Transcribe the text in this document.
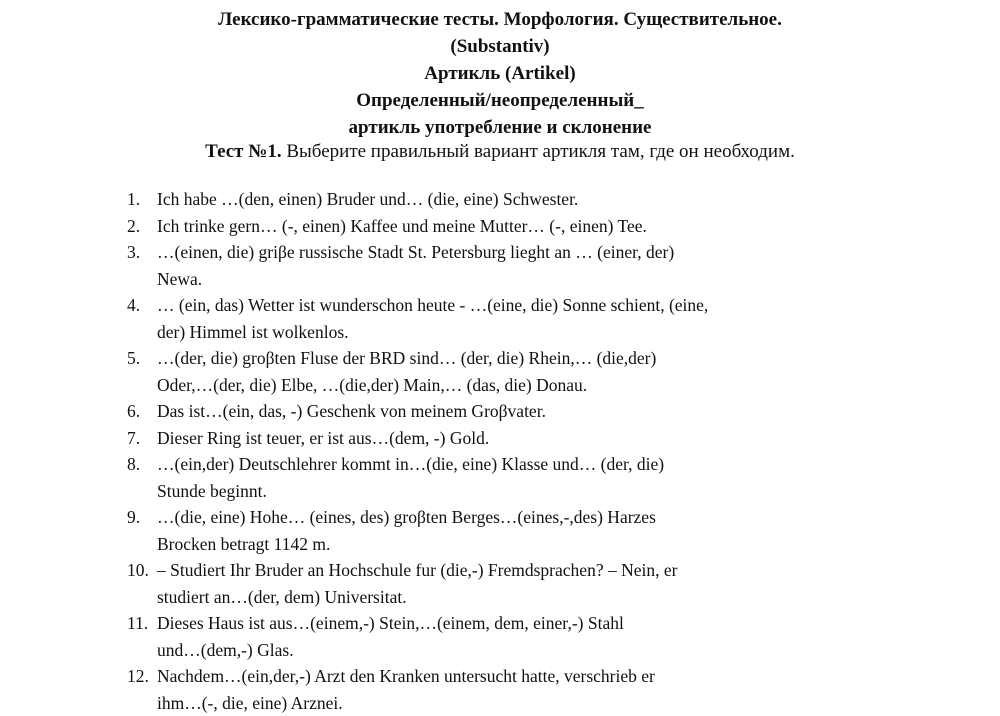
Лексико-грамматические тесты. Морфология. Существительное.
(Substantiv)
Артикль (Artikel)
Определенный/неопределенный_
артикль употребление и склонение
Тест №1. Выберите правильный вариант артикля там, где он необходим.
1. Ich habe …(den, einen) Bruder und… (die, eine) Schwester.
2. Ich trinke gern… (-, einen) Kaffee und meine Mutter… (-, einen) Tee.
3. …(einen, die) griβe russische Stadt St. Petersburg lieght an … (einer, der)
Newa.
4. … (ein, das) Wetter ist wunderschon heute - …(eine, die) Sonne schient, (eine,
der) Himmel ist wolkenlos.
5. …(der, die) groβten Fluse der BRD sind… (der, die) Rhein,… (die,der)
Oder,…(der, die) Elbe, …(die,der) Main,… (das, die) Donau.
6. Das ist…(ein, das, -) Geschenk von meinem Groβvater.
7. Dieser Ring ist teuer, er ist aus…(dem, -) Gold.
8. …(ein,der) Deutschlehrer kommt in…(die, eine) Klasse und… (der, die)
Stunde beginnt.
9. …(die, eine) Hohe… (eines, des) groβten Berges…(eines,-,des) Harzes
Brocken betragt 1142 m.
10. – Studiert Ihr Bruder an Hochschule fur (die,-) Fremdsprachen? – Nein, er
studiert an…(der, dem) Universitat.
11. Dieses Haus ist aus…(einem,-) Stein,…(einem, dem, einer,-) Stahl
und…(dem,-) Glas.
12. Nachdem…(ein,der,-) Arzt den Kranken untersucht hatte, verschrieb er
ihm…(-, die, eine) Arznei.
